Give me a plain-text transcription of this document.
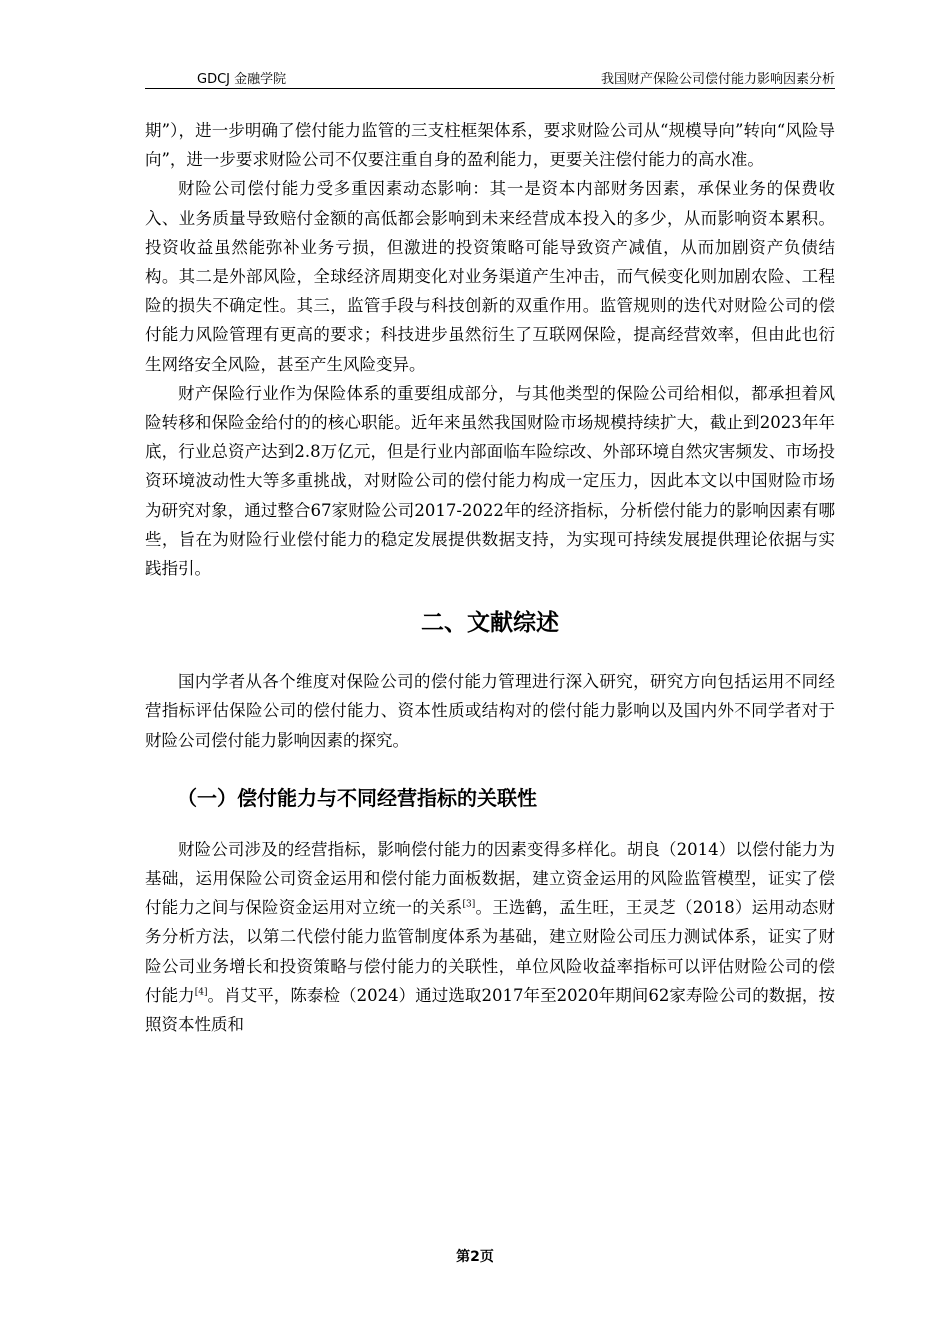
GDCJ 金融学院	我国财产保险公司偿付能力影响因素分析

期”），进一步明确了偿付能力监管的三支柱框架体系，要求财险公司从“规模导向”转向“风险导向”，进一步要求财险公司不仅要注重自身的盈利能力，更要关注偿付能力的高水准。

财险公司偿付能力受多重因素动态影响：其一是资本内部财务因素，承保业务的保费收入、业务质量导致赔付金额的高低都会影响到未来经营成本投入的多少，从而影响资本累积。投资收益虽然能弥补业务亏损，但激进的投资策略可能导致资产减值，从而加剧资产负债结构。其二是外部风险，全球经济周期变化对业务渠道产生冲击，而气候变化则加剧农险、工程险的损失不确定性。其三，监管手段与科技创新的双重作用。监管规则的迭代对财险公司的偿付能力风险管理有更高的要求；科技进步虽然衍生了互联网保险，提高经营效率，但由此也衍生网络安全风险，甚至产生风险变异。

财产保险行业作为保险体系的重要组成部分，与其他类型的保险公司给相似，都承担着风险转移和保险金给付的的核心职能。近年来虽然我国财险市场规模持续扩大，截止到2023年年底，行业总资产达到2.8万亿元，但是行业内部面临车险综改、外部环境自然灾害频发、市场投资环境波动性大等多重挑战，对财险公司的偿付能力构成一定压力，因此本文以中国财险市场为研究对象，通过整合67家财险公司2017-2022年的经济指标，分析偿付能力的影响因素有哪些，旨在为财险行业偿付能力的稳定发展提供数据支持，为实现可持续发展提供理论依据与实践指引。

二、文献综述

国内学者从各个维度对保险公司的偿付能力管理进行深入研究，研究方向包括运用不同经营指标评估保险公司的偿付能力、资本性质或结构对的偿付能力影响以及国内外不同学者对于财险公司偿付能力影响因素的探究。

（一）偿付能力与不同经营指标的关联性

财险公司涉及的经营指标，影响偿付能力的因素变得多样化。胡良（2014）以偿付能力为基础，运用保险公司资金运用和偿付能力面板数据，建立资金运用的风险监管模型，证实了偿付能力之间与保险资金运用对立统一的关系[3]。王选鹤，孟生旺，王灵芝（2018）运用动态财务分析方法，以第二代偿付能力监管制度体系为基础，建立财险公司压力测试体系，证实了财险公司业务增长和投资策略与偿付能力的关联性，单位风险收益率指标可以评估财险公司的偿付能力[4]。肖艾平，陈泰检（2024）通过选取2017年至2020年期间62家寿险公司的数据，按照资本性质和

第2页
